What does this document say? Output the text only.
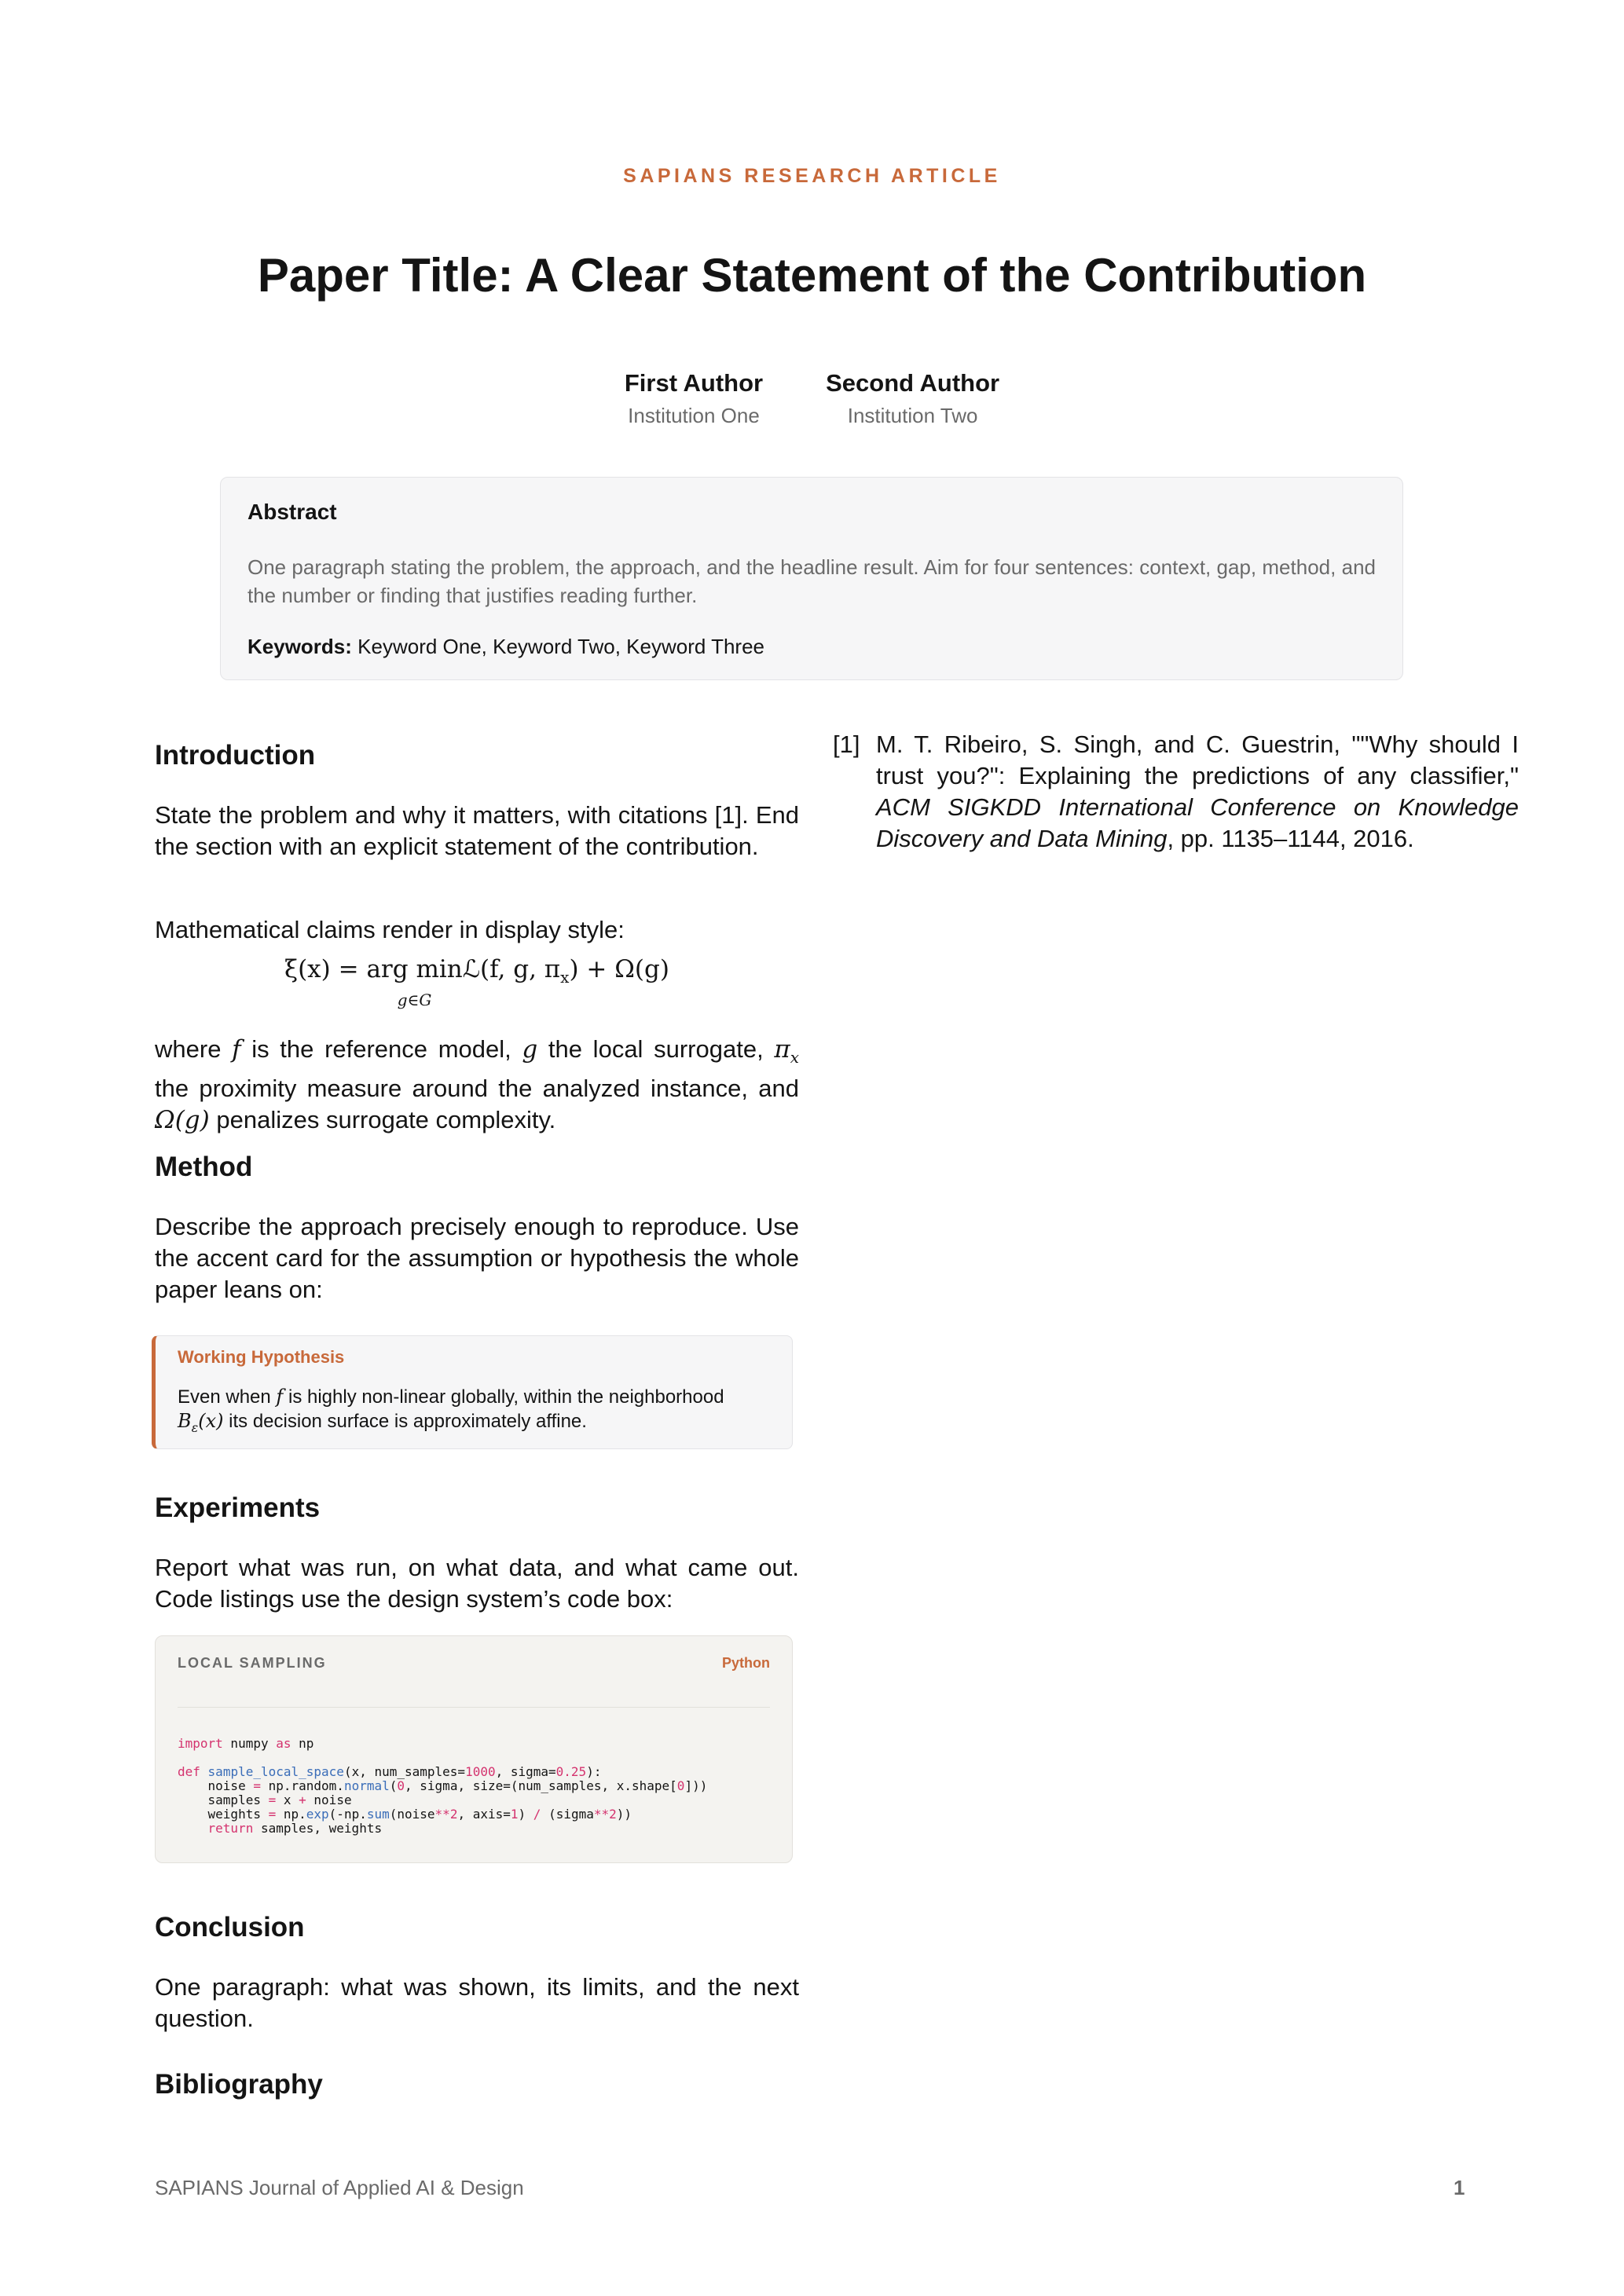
SAPIANS RESEARCH ARTICLE
Paper Title: A Clear Statement of the Contribution
First Author
Institution One
Second Author
Institution Two
Abstract
One paragraph stating the problem, the approach, and the headline result. Aim for four sentences: context, gap, method, and the number or finding that justifies reading further.
Keywords: Keyword One, Keyword Two, Keyword Three
Introduction
State the problem and why it matters, with citations [1]. End the section with an explicit statement of the contribution.
Mathematical claims render in display style:
ξ(x) = arg min
g∈Gℒ(f, g, $\pi_x) + \Omega(g)$
where f is the reference model, g the local surrogate, $\pi_x$ the proximity measure around the analyzed instance, and Ω(g) penalizes surrogate complexity.
Method
Describe the approach precisely enough to reproduce. Use the accent card for the assumption or hypothesis the whole paper leans on:
Working Hypothesis
Even when f is highly non-linear globally, within the neighborhood $B_\varepsilon(x)$ its decision surface is approximately affine.
Experiments
Report what was run, on what data, and what came out. Code listings use the design system’s code box:
LOCAL SAMPLING	Python
import numpy as np

def sample_local_space(x, num_samples=1000, sigma=0.25):
noise = np.random.normal(0, sigma, size=(num_samples, x.shape[0]))
samples = x + noise
weights = np.exp(-np.sum(noise**2, axis=1) / (sigma**2))
return samples, weights
Conclusion
One paragraph: what was shown, its limits, and the next question.
Bibliography
[1] M. T. Ribeiro, S. Singh, and C. Guestrin, ""Why should I trust you?": Explaining the predictions of any classifier," ACM SIGKDD International Conference on Knowledge Discovery and Data Mining, pp. 1135–1144, 2016.
SAPIANS Journal of Applied AI & Design	1
